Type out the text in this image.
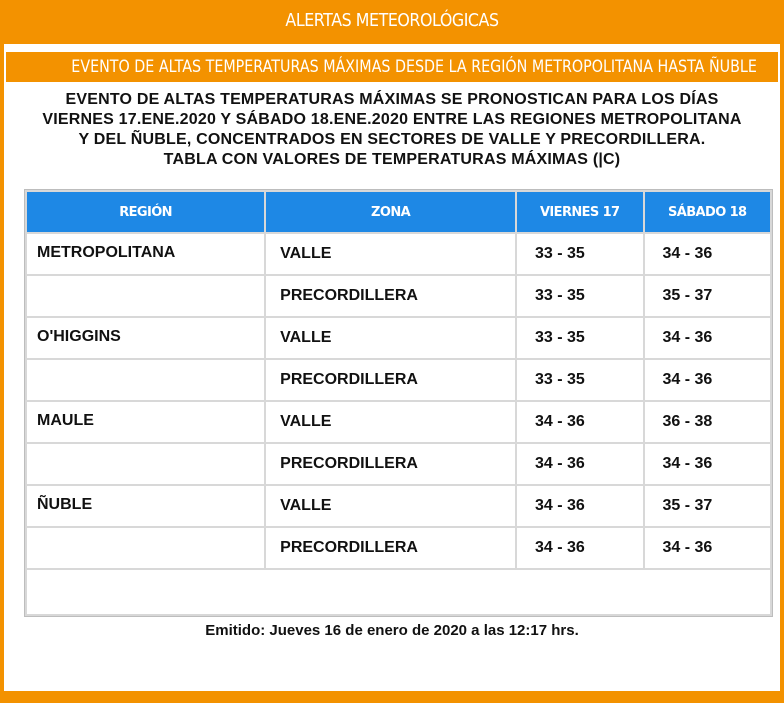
ALERTAS METEOROLÓGICAS
EVENTO DE ALTAS TEMPERATURAS MÁXIMAS DESDE LA REGIÓN METROPOLITANA HASTA ÑUBLE
EVENTO DE ALTAS TEMPERATURAS MÁXIMAS SE PRONOSTICAN PARA LOS DÍAS
VIERNES 17.ENE.2020 Y SÁBADO 18.ENE.2020 ENTRE LAS REGIONES METROPOLITANA
Y DEL ÑUBLE, CONCENTRADOS EN SECTORES DE VALLE Y PRECORDILLERA.
TABLA CON VALORES DE TEMPERATURAS MÁXIMAS (|C)
REGIÓN	ZONA	VIERNES 17	SÁBADO 18
METROPOLITANA	VALLE	33 - 35	34 - 36
	PRECORDILLERA	33 - 35	35 - 37
O'HIGGINS	VALLE	33 - 35	34 - 36
	PRECORDILLERA	33 - 35	34 - 36
MAULE	VALLE	34 - 36	36 - 38
	PRECORDILLERA	34 - 36	34 - 36
ÑUBLE	VALLE	34 - 36	35 - 37
	PRECORDILLERA	34 - 36	34 - 36

Emitido: Jueves 16 de enero de 2020 a las 12:17 hrs.
